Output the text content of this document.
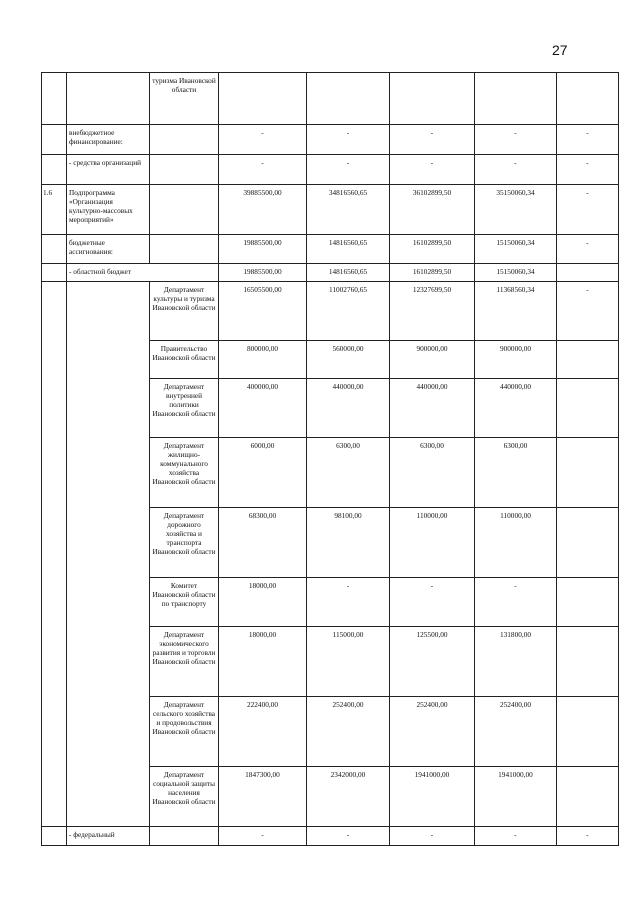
27
		туризма Ивановской области					
	внебюджетное финансирование:		-	-	-	-	-
	- средства организаций		-	-	-	-	-
1.6	Подпрограмма «Организация культурно-массовых мероприятий»		39885500,00	34816560,65	36102899,50	35150060,34	-
	бюджетные ассигнования:		19885500,00	14816560,65	16102899,50	15150060,34	-
	- областной бюджет		19885500,00	14816560,65	16102899,50	15150060,34	
		Департамент культуры и туризма Ивановской области	16505500,00	11002760,65	12327699,50	11368560,34	-
		Правительство Ивановской области	800000,00	560000,00	900000,00	900000,00	
		Департамент внутренней политики Ивановской области	400000,00	440000,00	440000,00	440000,00	
		Департамент жилищно-коммунального хозяйства Ивановской области	6000,00	6300,00	6300,00	6300,00	
		Департамент дорожного хозяйства и транспорта Ивановской области	68300,00	98100,00	110000,00	110000,00	
		Комитет Ивановской области по транспорту	18000,00	-	-	-	
		Департамент экономического развития и торговли Ивановской области	18000,00	115000,00	125500,00	131800,00	
		Департамент сельского хозяйства и продовольствия Ивановской области	222400,00	252400,00	252400,00	252400,00	
		Департамент социальной защиты населения Ивановской области	1847300,00	2342000,00	1941000,00	1941000,00	
	- федеральный		-	-	-	-	-
